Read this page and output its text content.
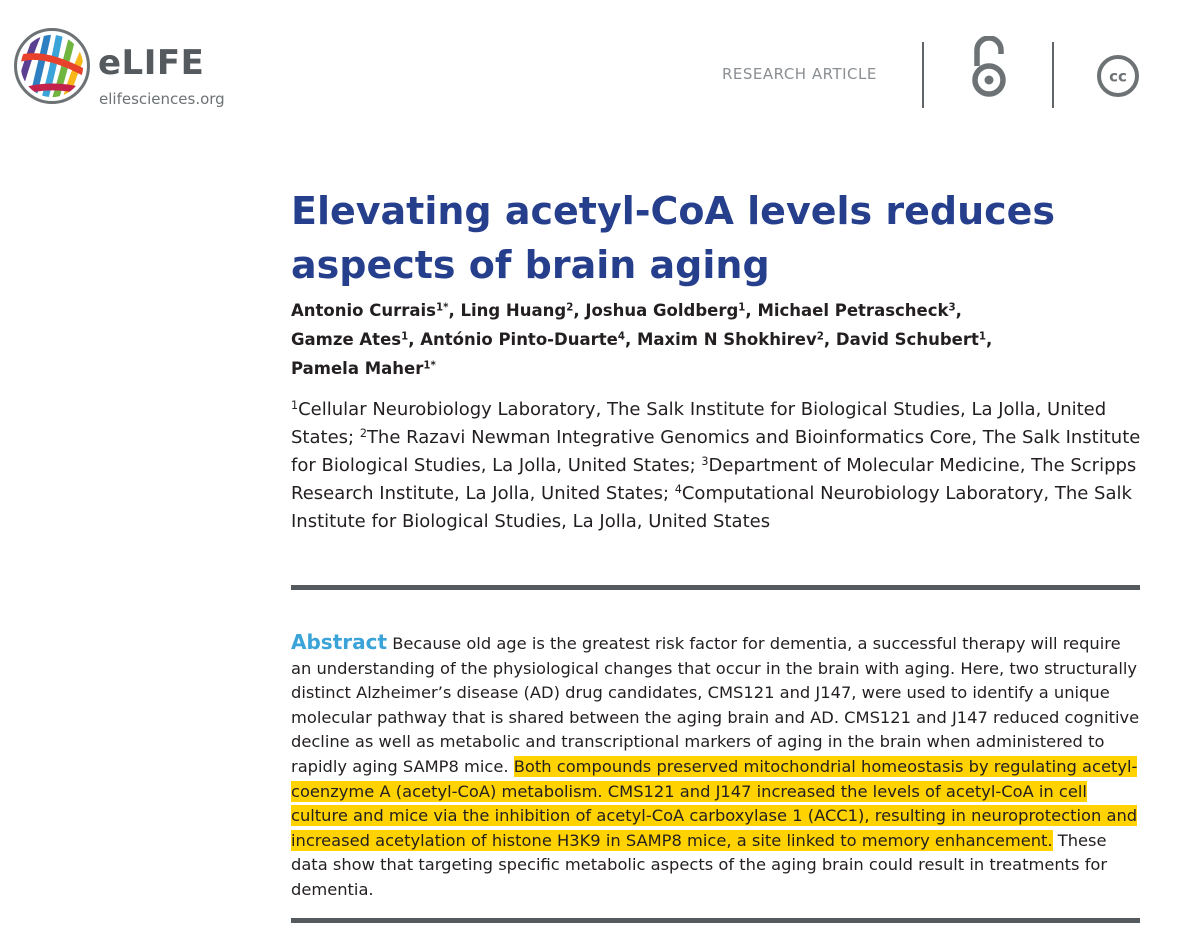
eLIFE
elifesciences.org
RESEARCH ARTICLE	cc
Elevating acetyl-CoA levels reduces aspects of brain aging

Antonio Currais$^{1*}$, Ling Huang$^2$, Joshua Goldberg$^1$, Michael Petrascheck$^3$,
Gamze Ates$^1$, António Pinto-Duarte$^4$, Maxim N Shokhirev$^2$, David Schubert$^1$,
Pamela Maher$^{1*}$

$^1$Cellular Neurobiology Laboratory, The Salk Institute for Biological Studies, La Jolla, United States; $^2$The Razavi Newman Integrative Genomics and Bioinformatics Core, The Salk Institute for Biological Studies, La Jolla, United States; $^3$Department of Molecular Medicine, The Scripps Research Institute, La Jolla, United States; $^4$Computational Neurobiology Laboratory, The Salk Institute for Biological Studies, La Jolla, United States

Abstract Because old age is the greatest risk factor for dementia, a successful therapy will require an understanding of the physiological changes that occur in the brain with aging. Here, two structurally distinct Alzheimer’s disease (AD) drug candidates, CMS121 and J147, were used to identify a unique molecular pathway that is shared between the aging brain and AD. CMS121 and J147 reduced cognitive decline as well as metabolic and transcriptional markers of aging in the brain when administered to rapidly aging SAMP8 mice. Both compounds preserved mitochondrial homeostasis by regulating acetyl-coenzyme A (acetyl-CoA) metabolism. CMS121 and J147 increased the levels of acetyl-CoA in cell culture and mice via the inhibition of acetyl-CoA carboxylase 1 (ACC1), resulting in neuroprotection and increased acetylation of histone H3K9 in SAMP8 mice, a site linked to memory enhancement. These data show that targeting specific metabolic aspects of the aging brain could result in treatments for dementia.
